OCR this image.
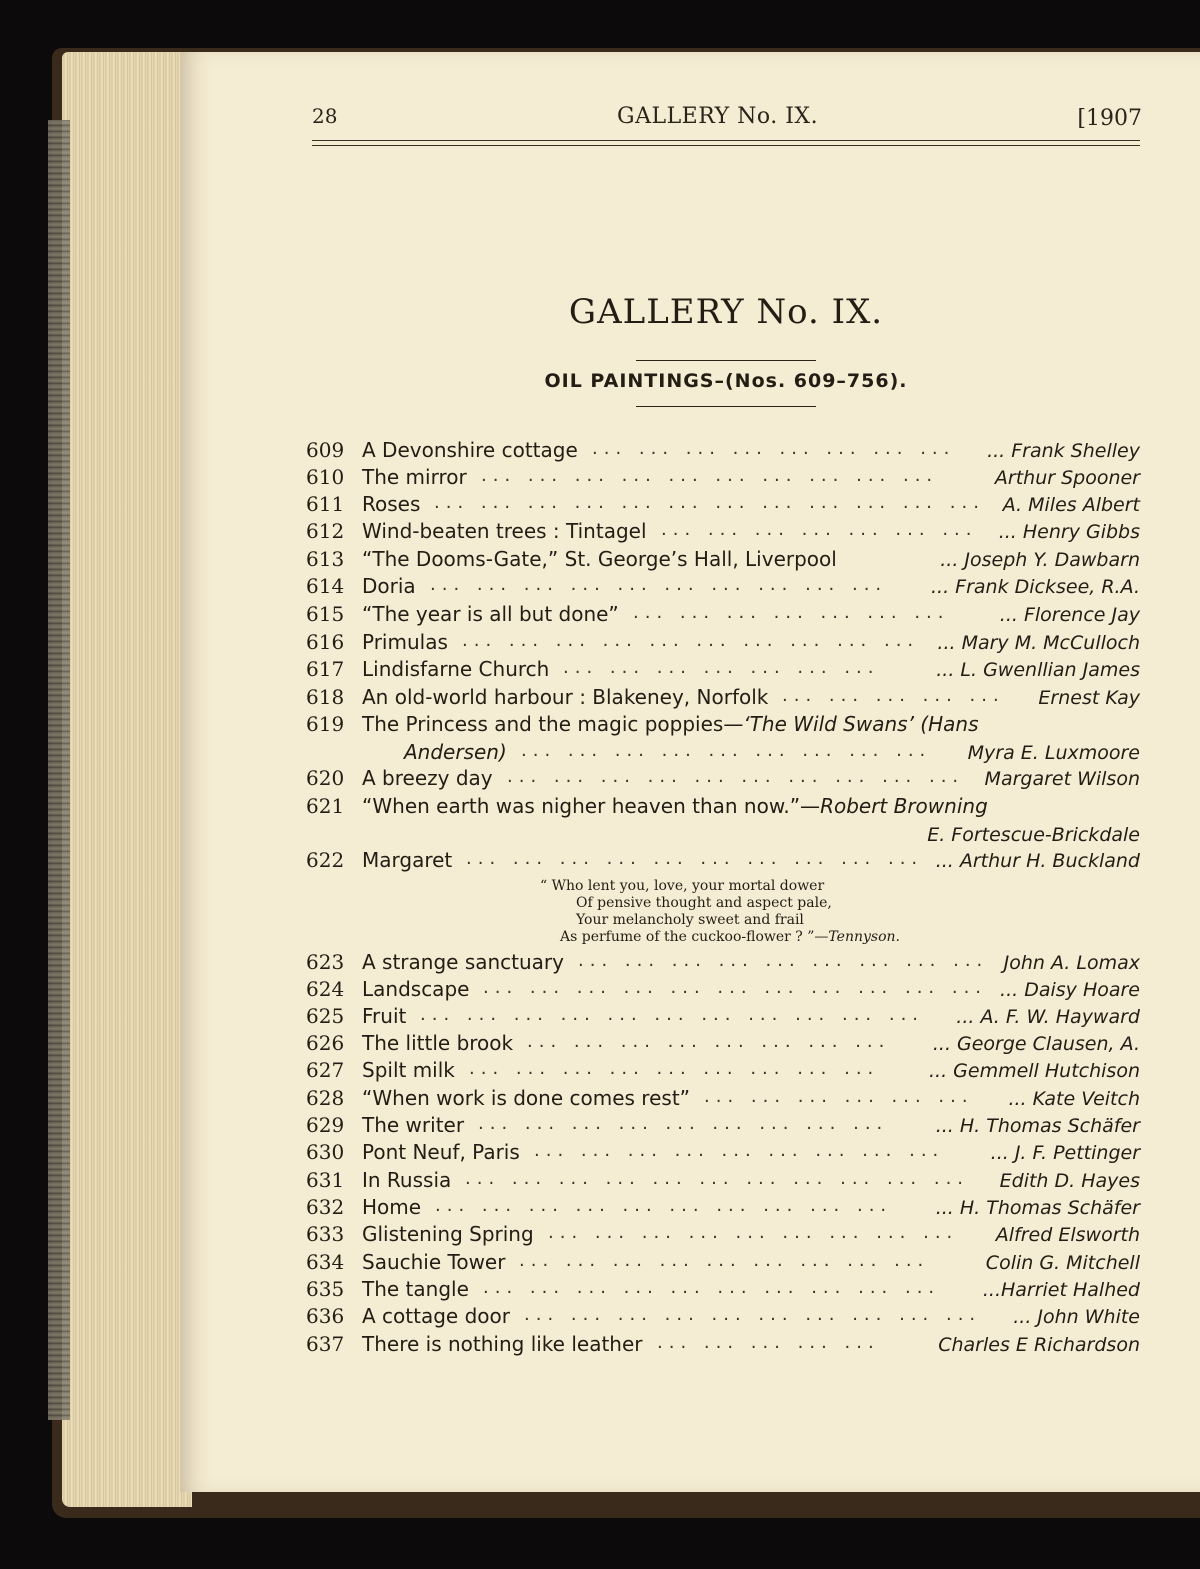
28	GALLERY No. IX.	[1907
GALLERY No. IX.
OIL PAINTINGS–(Nos. 609–756).
609 A Devonshire cottage ... ... ... ... ... ... ... ... ... Frank Shelley
610 The mirror ... ... ... ... ... ... ... ... ... ...	Arthur Spooner
611 Roses ... ... ... ... ... ... ... ... ... ... ... ... A. Miles Albert
612 Wind-beaten trees : Tintagel ... ... ... ... ... ... ... ... Henry Gibbs
613 “The Dooms-Gate,” St. George’s Hall, Liverpool	... Joseph Y. Dawbarn
614 Doria ... ... ... ... ... ... ... ... ... ... ... Frank Dicksee, R.A.
615 “The year is all but done” ... ... ... ... ... ... ...	... Florence Jay
616 Primulas ... ... ... ... ... ... ... ... ... ... ... Mary M. McCulloch
617 Lindisfarne Church ... ... ... ... ... ... ...	... L. Gwenllian James
618 An old-world harbour : Blakeney, Norfolk ... ... ... ... ... Ernest Kay
619 The Princess and the magic poppies—‘The Wild Swans’ (Hans
Andersen) ... ... ... ... ... ... ... ... ... Myra E. Luxmoore
620 A breezy day ... ... ... ... ... ... ... ... ... ... Margaret Wilson
621 “When earth was nigher heaven than now.”—Robert Browning
E. Fortescue-Brickdale
622 Margaret ... ... ... ... ... ... ... ... ... ... ... Arthur H. Buckland
623 A strange sanctuary ... ... ... ... ... ... ... ... ... John A. Lomax
624 Landscape ... ... ... ... ... ... ... ... ... ... ... ... Daisy Hoare
625 Fruit ... ... ... ... ... ... ... ... ... ... ... ... A. F. W. Hayward
626 The little brook ... ... ... ... ... ... ... ... ... George Clausen, A.
627 Spilt milk ... ... ... ... ... ... ... ... ...	... Gemmell Hutchison
628 “When work is done comes rest” ... ... ... ... ... ... ... Kate Veitch
629 The writer ... ... ... ... ... ... ... ... ... ... H. Thomas Schäfer
630 Pont Neuf, Paris ... ... ... ... ... ... ... ... ... ... J. F. Pettinger
631 In Russia ... ... ... ... ... ... ... ... ... ... ... Edith D. Hayes
632 Home ... ... ... ... ... ... ... ... ... ... ... H. Thomas Schäfer
633 Glistening Spring ... ... ... ... ... ... ... ... ... Alfred Elsworth
634 Sauchie Tower ... ... ... ... ... ... ... ... ...	Colin G. Mitchell
635 The tangle ... ... ... ... ... ... ... ... ... ... ...Harriet Halhed
636 A cottage door ... ... ... ... ... ... ... ... ... ... ... John White
637 There is nothing like leather ... ... ... ... ...	Charles E Richardson
“ Who lent you, love, your mortal dower
Of pensive thought and aspect pale,
Your melancholy sweet and frail
As perfume of the cuckoo-flower ? ”—Tennyson.
